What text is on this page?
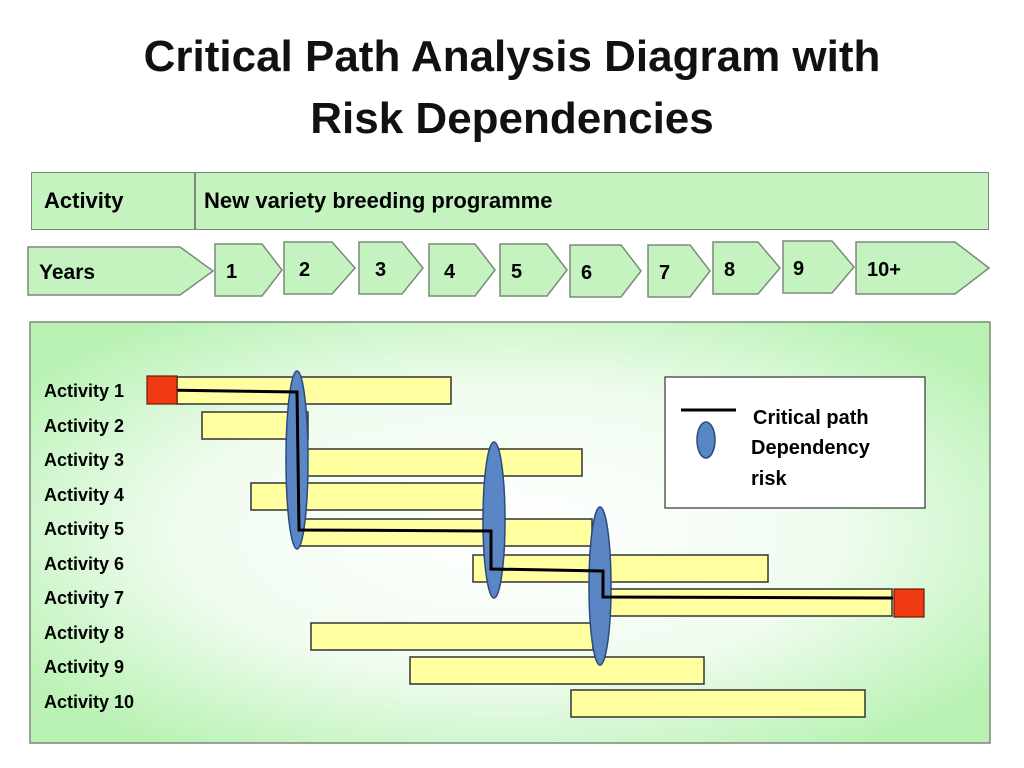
Critical Path Analysis Diagram with
Risk Dependencies
Activity	New variety breeding programme
Years	1	2	3	4	5	6	7	8	9	10+
Activity 1
Activity 2
Activity 3
Activity 4
Activity 5
Activity 6
Activity 7
Activity 8
Activity 9
Activity 10
Critical path
Dependency
risk
